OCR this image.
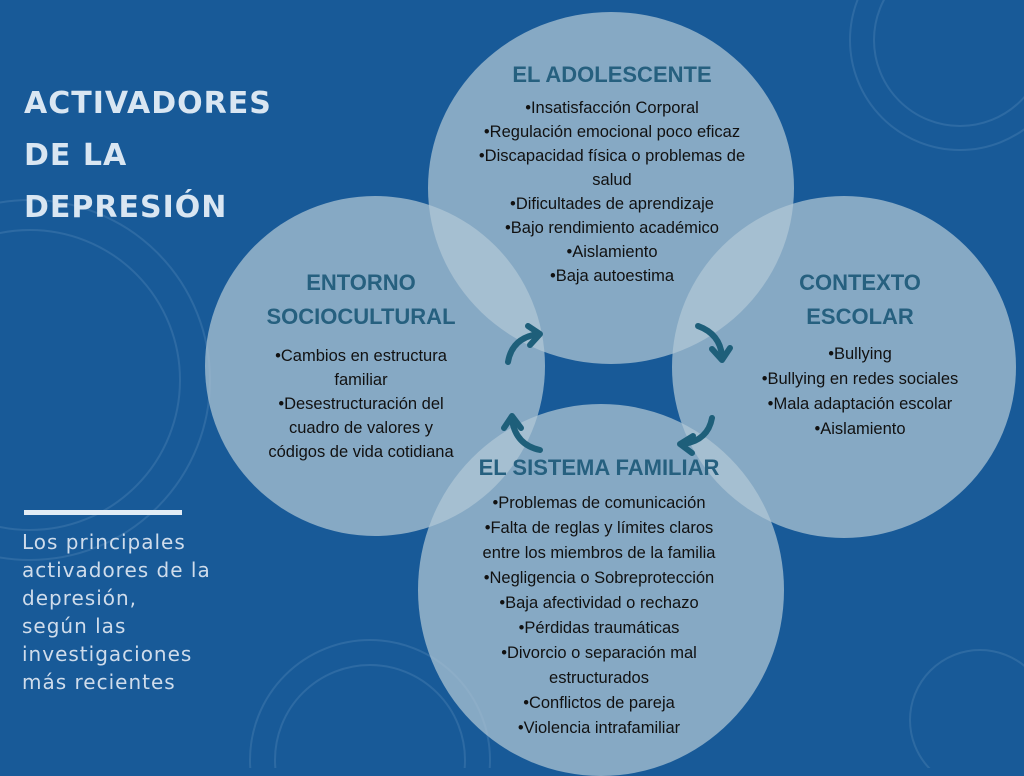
ACTIVADORES
DE LA
DEPRESIÓN
Los principales
activadores de la
depresión,
según las
investigaciones
más recientes
EL ADOLESCENTE
•Insatisfacción Corporal
•Regulación emocional poco eficaz
•Discapacidad física o problemas de
salud
•Dificultades de aprendizaje
•Bajo rendimiento académico
•Aislamiento
•Baja autoestima
ENTORNO
SOCIOCULTURAL
•Cambios en estructura
familiar
•Desestructuración del
cuadro de valores y
códigos de vida cotidiana
CONTEXTO
ESCOLAR
•Bullying
•Bullying en redes sociales
•Mala adaptación escolar
•Aislamiento
EL SISTEMA FAMILIAR
•Problemas de comunicación
•Falta de reglas y límites claros
entre los miembros de la familia
•Negligencia o Sobreprotección
•Baja afectividad o rechazo
•Pérdidas traumáticas
•Divorcio o separación mal
estructurados
•Conflictos de pareja
•Violencia intrafamiliar
